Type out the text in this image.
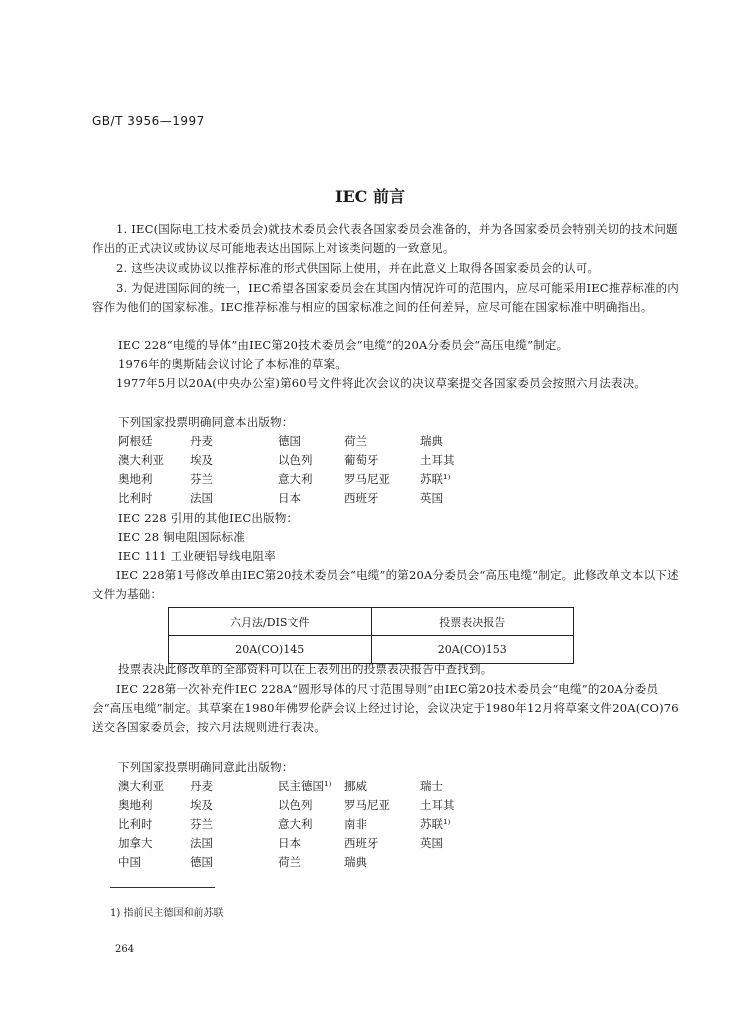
GB/T 3956—1997
IEC 前言
1. IEC(国际电工技术委员会)就技术委员会代表各国家委员会准备的，并为各国家委员会特别关切的技术问题作出的正式决议或协议尽可能地表达出国际上对该类问题的一致意见。
2. 这些决议或协议以推荐标准的形式供国际上使用，并在此意义上取得各国家委员会的认可。
3. 为促进国际间的统一，IEC希望各国家委员会在其国内情况许可的范围内，应尽可能采用IEC推荐标准的内容作为他们的国家标准。IEC推荐标准与相应的国家标准之间的任何差异，应尽可能在国家标准中明确指出。
IEC 228“电缆的导体”由IEC第20技术委员会“电缆”的20A分委员会“高压电缆”制定。
1976年的奥斯陆会议讨论了本标准的草案。
1977年5月以20A(中央办公室)第60号文件将此次会议的决议草案提交各国家委员会按照六月法表决。
下列国家投票明确同意本出版物：
阿根廷	丹麦	德国	荷兰	瑞典
澳大利亚 埃及	以色列	葡萄牙	土耳其
奥地利	芬兰	意大利	罗马尼亚	苏联¹⁾
比利时	法国	日本	西班牙	英国
IEC 228 引用的其他IEC出版物：
IEC 28 铜电阻国际标准
IEC 111 工业硬铝导线电阻率
IEC 228第1号修改单由IEC第20技术委员会“电缆”的第20A分委员会“高压电缆”制定。此修改单文本以下述文件为基础：
六月法/DIS文件	投票表决报告
20A(CO)145	20A(CO)153
投票表决此修改单的全部资料可以在上表列出的投票表决报告中查找到。
IEC 228第一次补充件IEC 228A“圆形导体的尺寸范围导则”由IEC第20技术委员会“电缆”的20A分委员会“高压电缆”制定。其草案在1980年佛罗伦萨会议上经过讨论，会议决定于1980年12月将草案文件20A(CO)76送交各国家委员会，按六月法规则进行表决。
下列国家投票明确同意此出版物：
澳大利亚 丹麦	民主德国¹⁾ 挪威	瑞士
奥地利	埃及	以色列	罗马尼亚	土耳其
比利时	芬兰	意大利	南非	苏联¹⁾
加拿大	法国	日本	西班牙	英国
中国	德国	荷兰	瑞典
1) 指前民主德国和前苏联
264
